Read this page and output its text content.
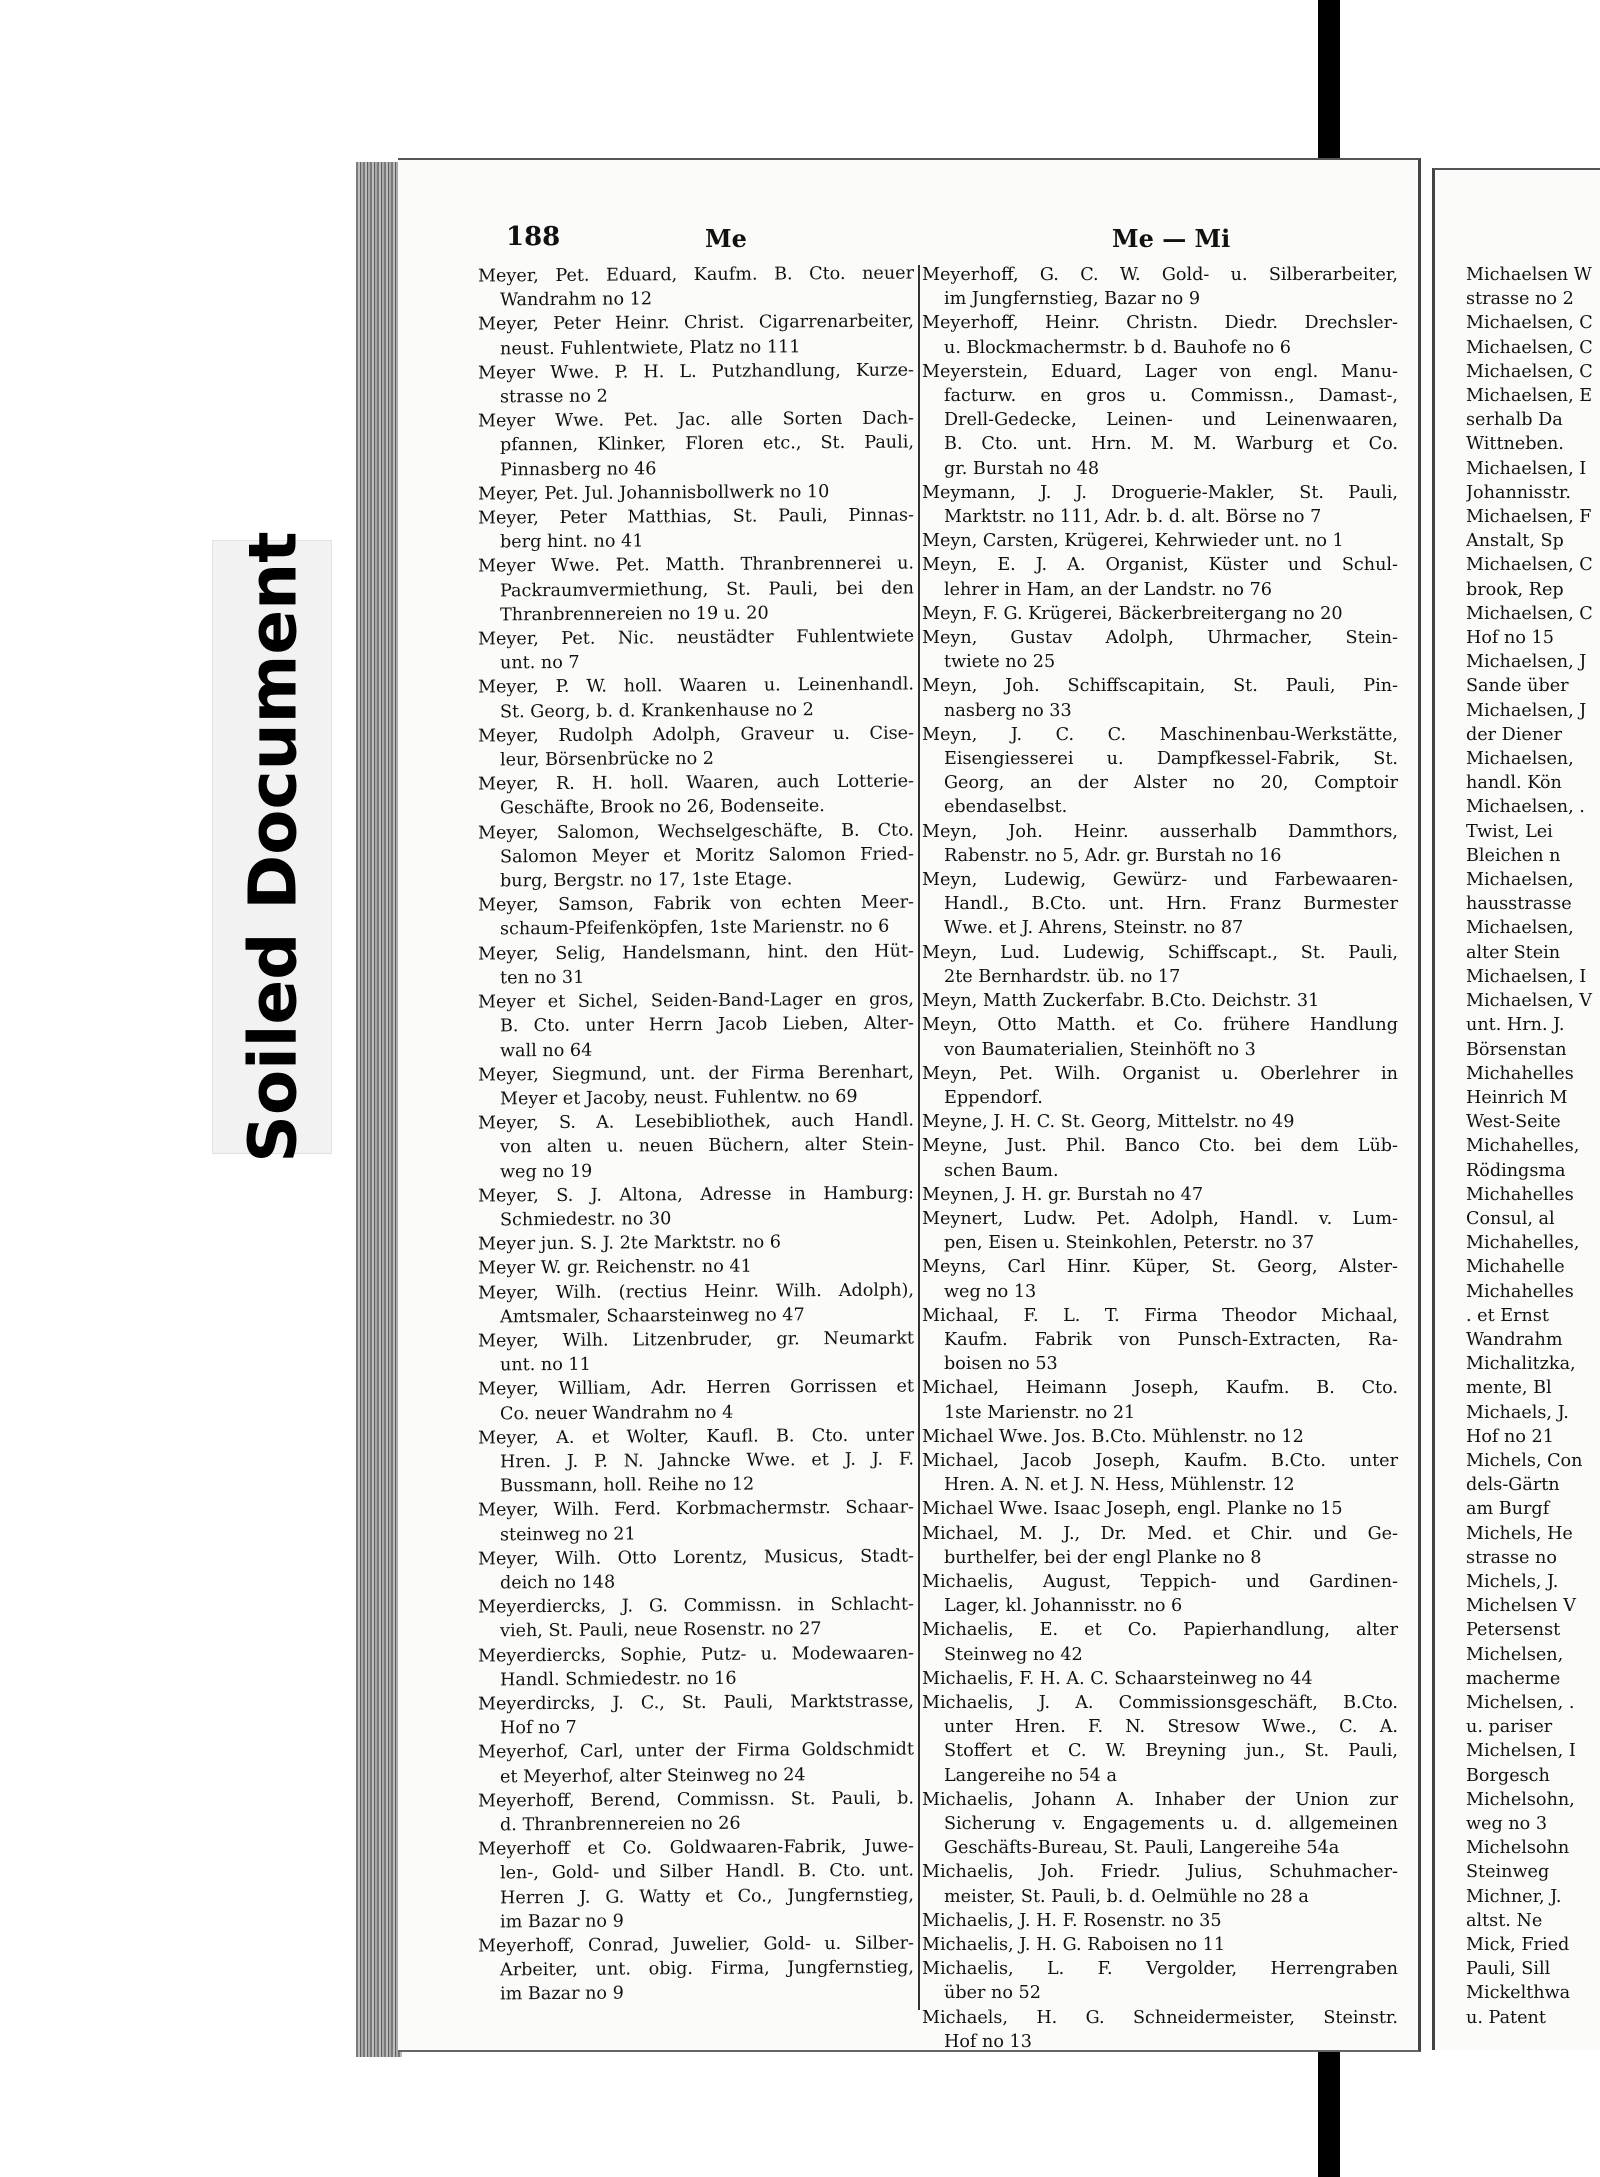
Soiled Document
188	Me	Me — Mi
Meyer, Pet. Eduard, Kaufm. B. Cto. neuer
Wandrahm no 12
Meyer, Peter Heinr. Christ. Cigarrenarbeiter,
neust. Fuhlentwiete, Platz no 111
Meyer Wwe. P. H. L. Putzhandlung, Kurze-
strasse no 2
Meyer Wwe. Pet. Jac. alle Sorten Dach-
pfannen, Klinker, Floren etc., St. Pauli,
Pinnasberg no 46
Meyer, Pet. Jul. Johannisbollwerk no 10
Meyer, Peter Matthias, St. Pauli, Pinnas-
berg hint. no 41
Meyer Wwe. Pet. Matth. Thranbrennerei u.
Packraumvermiethung, St. Pauli, bei den
Thranbrennereien no 19 u. 20
Meyer, Pet. Nic. neustädter Fuhlentwiete
unt. no 7
Meyer, P. W. holl. Waaren u. Leinenhandl.
St. Georg, b. d. Krankenhause no 2
Meyer, Rudolph Adolph, Graveur u. Cise-
leur, Börsenbrücke no 2
Meyer, R. H. holl. Waaren, auch Lotterie-
Geschäfte, Brook no 26, Bodenseite.
Meyer, Salomon, Wechselgeschäfte, B. Cto.
Salomon Meyer et Moritz Salomon Fried-
burg, Bergstr. no 17, 1ste Etage.
Meyer, Samson, Fabrik von echten Meer-
schaum-Pfeifenköpfen, 1ste Marienstr. no 6
Meyer, Selig, Handelsmann, hint. den Hüt-
ten no 31
Meyer et Sichel, Seiden-Band-Lager en gros,
B. Cto. unter Herrn Jacob Lieben, Alter-
wall no 64
Meyer, Siegmund, unt. der Firma Berenhart,
Meyer et Jacoby, neust. Fuhlentw. no 69
Meyer, S. A. Lesebibliothek, auch Handl.
von alten u. neuen Büchern, alter Stein-
weg no 19
Meyer, S. J. Altona, Adresse in Hamburg:
Schmiedestr. no 30
Meyer jun. S. J. 2te Marktstr. no 6
Meyer W. gr. Reichenstr. no 41
Meyer, Wilh. (rectius Heinr. Wilh. Adolph),
Amtsmaler, Schaarsteinweg no 47
Meyer, Wilh. Litzenbruder, gr. Neumarkt
unt. no 11
Meyer, William, Adr. Herren Gorrissen et
Co. neuer Wandrahm no 4
Meyer, A. et Wolter, Kaufl. B. Cto. unter
Hren. J. P. N. Jahncke Wwe. et J. J. F.
Bussmann, holl. Reihe no 12
Meyer, Wilh. Ferd. Korbmachermstr. Schaar-
steinweg no 21
Meyer, Wilh. Otto Lorentz, Musicus, Stadt-
deich no 148
Meyerdiercks, J. G. Commissn. in Schlacht-
vieh, St. Pauli, neue Rosenstr. no 27
Meyerdiercks, Sophie, Putz- u. Modewaaren-
Handl. Schmiedestr. no 16
Meyerdircks, J. C., St. Pauli, Marktstrasse,
Hof no 7
Meyerhof, Carl, unter der Firma Goldschmidt
et Meyerhof, alter Steinweg no 24
Meyerhoff, Berend, Commissn. St. Pauli, b.
d. Thranbrennereien no 26
Meyerhoff et Co. Goldwaaren-Fabrik, Juwe-
len-, Gold- und Silber Handl. B. Cto. unt.
Herren J. G. Watty et Co., Jungfernstieg,
im Bazar no 9
Meyerhoff, Conrad, Juwelier, Gold- u. Silber-
Arbeiter, unt. obig. Firma, Jungfernstieg,
im Bazar no 9
Meyerhoff, G. C. W. Gold- u. Silberarbeiter,
im Jungfernstieg, Bazar no 9
Meyerhoff, Heinr. Christn. Diedr. Drechsler-
u. Blockmachermstr. b d. Bauhofe no 6
Meyerstein, Eduard, Lager von engl. Manu-
facturw. en gros u. Commissn., Damast-,
Drell-Gedecke, Leinen- und Leinenwaaren,
B. Cto. unt. Hrn. M. M. Warburg et Co.
gr. Burstah no 48
Meymann, J. J. Droguerie-Makler, St. Pauli,
Marktstr. no 111, Adr. b. d. alt. Börse no 7
Meyn, Carsten, Krügerei, Kehrwieder unt. no 1
Meyn, E. J. A. Organist, Küster und Schul-
lehrer in Ham, an der Landstr. no 76
Meyn, F. G. Krügerei, Bäckerbreitergang no 20
Meyn, Gustav Adolph, Uhrmacher, Stein-
twiete no 25
Meyn, Joh. Schiffscapitain, St. Pauli, Pin-
nasberg no 33
Meyn, J. C. C. Maschinenbau-Werkstätte,
Eisengiesserei u. Dampfkessel-Fabrik, St.
Georg, an der Alster no 20, Comptoir
ebendaselbst.
Meyn, Joh. Heinr. ausserhalb Dammthors,
Rabenstr. no 5, Adr. gr. Burstah no 16
Meyn, Ludewig, Gewürz- und Farbewaaren-
Handl., B.Cto. unt. Hrn. Franz Burmester
Wwe. et J. Ahrens, Steinstr. no 87
Meyn, Lud. Ludewig, Schiffscapt., St. Pauli,
2te Bernhardstr. üb. no 17
Meyn, Matth Zuckerfabr. B.Cto. Deichstr. 31
Meyn, Otto Matth. et Co. frühere Handlung
von Baumaterialien, Steinhöft no 3
Meyn, Pet. Wilh. Organist u. Oberlehrer in
Eppendorf.
Meyne, J. H. C. St. Georg, Mittelstr. no 49
Meyne, Just. Phil. Banco Cto. bei dem Lüb-
schen Baum.
Meynen, J. H. gr. Burstah no 47
Meynert, Ludw. Pet. Adolph, Handl. v. Lum-
pen, Eisen u. Steinkohlen, Peterstr. no 37
Meyns, Carl Hinr. Küper, St. Georg, Alster-
weg no 13
Michaal, F. L. T. Firma Theodor Michaal,
Kaufm. Fabrik von Punsch-Extracten, Ra-
boisen no 53
Michael, Heimann Joseph, Kaufm. B. Cto.
1ste Marienstr. no 21
Michael Wwe. Jos. B.Cto. Mühlenstr. no 12
Michael, Jacob Joseph, Kaufm. B.Cto. unter
Hren. A. N. et J. N. Hess, Mühlenstr. 12
Michael Wwe. Isaac Joseph, engl. Planke no 15
Michael, M. J., Dr. Med. et Chir. und Ge-
burthelfer, bei der engl Planke no 8
Michaelis, August, Teppich- und Gardinen-
Lager, kl. Johannisstr. no 6
Michaelis, E. et Co. Papierhandlung, alter
Steinweg no 42
Michaelis, F. H. A. C. Schaarsteinweg no 44
Michaelis, J. A. Commissionsgeschäft, B.Cto.
unter Hren. F. N. Stresow Wwe., C. A.
Stoffert et C. W. Breyning jun., St. Pauli,
Langereihe no 54 a
Michaelis, Johann A. Inhaber der Union zur
Sicherung v. Engagements u. d. allgemeinen
Geschäfts-Bureau, St. Pauli, Langereihe 54a
Michaelis, Joh. Friedr. Julius, Schuhmacher-
meister, St. Pauli, b. d. Oelmühle no 28 a
Michaelis, J. H. F. Rosenstr. no 35
Michaelis, J. H. G. Raboisen no 11
Michaelis, L. F. Vergolder, Herrengraben
über no 52
Michaels, H. G. Schneidermeister, Steinstr.
Hof no 13
Michaelsen W
strasse no 2
Michaelsen, C
Michaelsen, C
Michaelsen, C
Michaelsen, E
serhalb Da
Wittneben.
Michaelsen, I
Johannisstr.
Michaelsen, F
Anstalt, Sp
Michaelsen, C
brook, Rep
Michaelsen, C
Hof no 15
Michaelsen, J
Sande über
Michaelsen, J
der Diener
Michaelsen,
handl. Kön
Michaelsen, .
Twist, Lei
Bleichen n
Michaelsen,
hausstrasse
Michaelsen,
alter Stein
Michaelsen, I
Michaelsen, V
unt. Hrn. J.
Börsenstan
Michahelles
Heinrich M
West-Seite
Michahelles,
Rödingsma
Michahelles
Consul, al
Michahelles,
Michahelle
Michahelles
. et Ernst
Wandrahm
Michalitzka,
mente, Bl
Michaels, J.
Hof no 21
Michels, Con
dels-Gärtn
am Burgf
Michels, He
strasse no
Michels, J.
Michelsen V
Petersenst
Michelsen,
macherme
Michelsen, .
u. pariser
Michelsen, I
Borgesch
Michelsohn,
weg no 3
Michelsohn
Steinweg
Michner, J.
altst. Ne
Mick, Fried
Pauli, Sill
Mickelthwa
u. Patent
